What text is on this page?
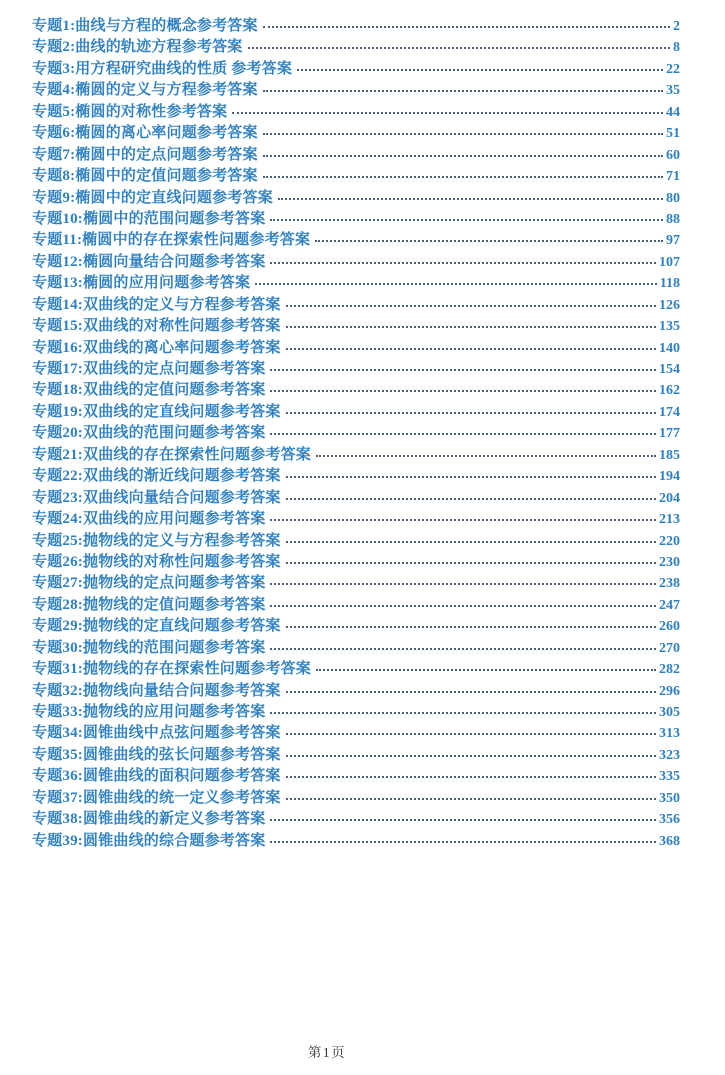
专题1:曲线与方程的概念参考答案	2
专题2:曲线的轨迹方程参考答案	8
专题3:用方程研究曲线的性质 参考答案	22
专题4:椭圆的定义与方程参考答案	35
专题5:椭圆的对称性参考答案	44
专题6:椭圆的离心率问题参考答案	51
专题7:椭圆中的定点问题参考答案	60
专题8:椭圆中的定值问题参考答案	71
专题9:椭圆中的定直线问题参考答案	80
专题10:椭圆中的范围问题参考答案	88
专题11:椭圆中的存在探索性问题参考答案	97
专题12:椭圆向量结合问题参考答案	107
专题13:椭圆的应用问题参考答案	118
专题14:双曲线的定义与方程参考答案	126
专题15:双曲线的对称性问题参考答案	135
专题16:双曲线的离心率问题参考答案	140
专题17:双曲线的定点问题参考答案	154
专题18:双曲线的定值问题参考答案	162
专题19:双曲线的定直线问题参考答案	174
专题20:双曲线的范围问题参考答案	177
专题21:双曲线的存在探索性问题参考答案	185
专题22:双曲线的渐近线问题参考答案	194
专题23:双曲线向量结合问题参考答案	204
专题24:双曲线的应用问题参考答案	213
专题25:抛物线的定义与方程参考答案	220
专题26:抛物线的对称性问题参考答案	230
专题27:抛物线的定点问题参考答案	238
专题28:抛物线的定值问题参考答案	247
专题29:抛物线的定直线问题参考答案	260
专题30:抛物线的范围问题参考答案	270
专题31:抛物线的存在探索性问题参考答案	282
专题32:抛物线向量结合问题参考答案	296
专题33:抛物线的应用问题参考答案	305
专题34:圆锥曲线中点弦问题参考答案	313
专题35:圆锥曲线的弦长问题参考答案	323
专题36:圆锥曲线的面积问题参考答案	335
专题37:圆锥曲线的统一定义参考答案	350
专题38:圆锥曲线的新定义参考答案	356
专题39:圆锥曲线的综合题参考答案	368
第1页
